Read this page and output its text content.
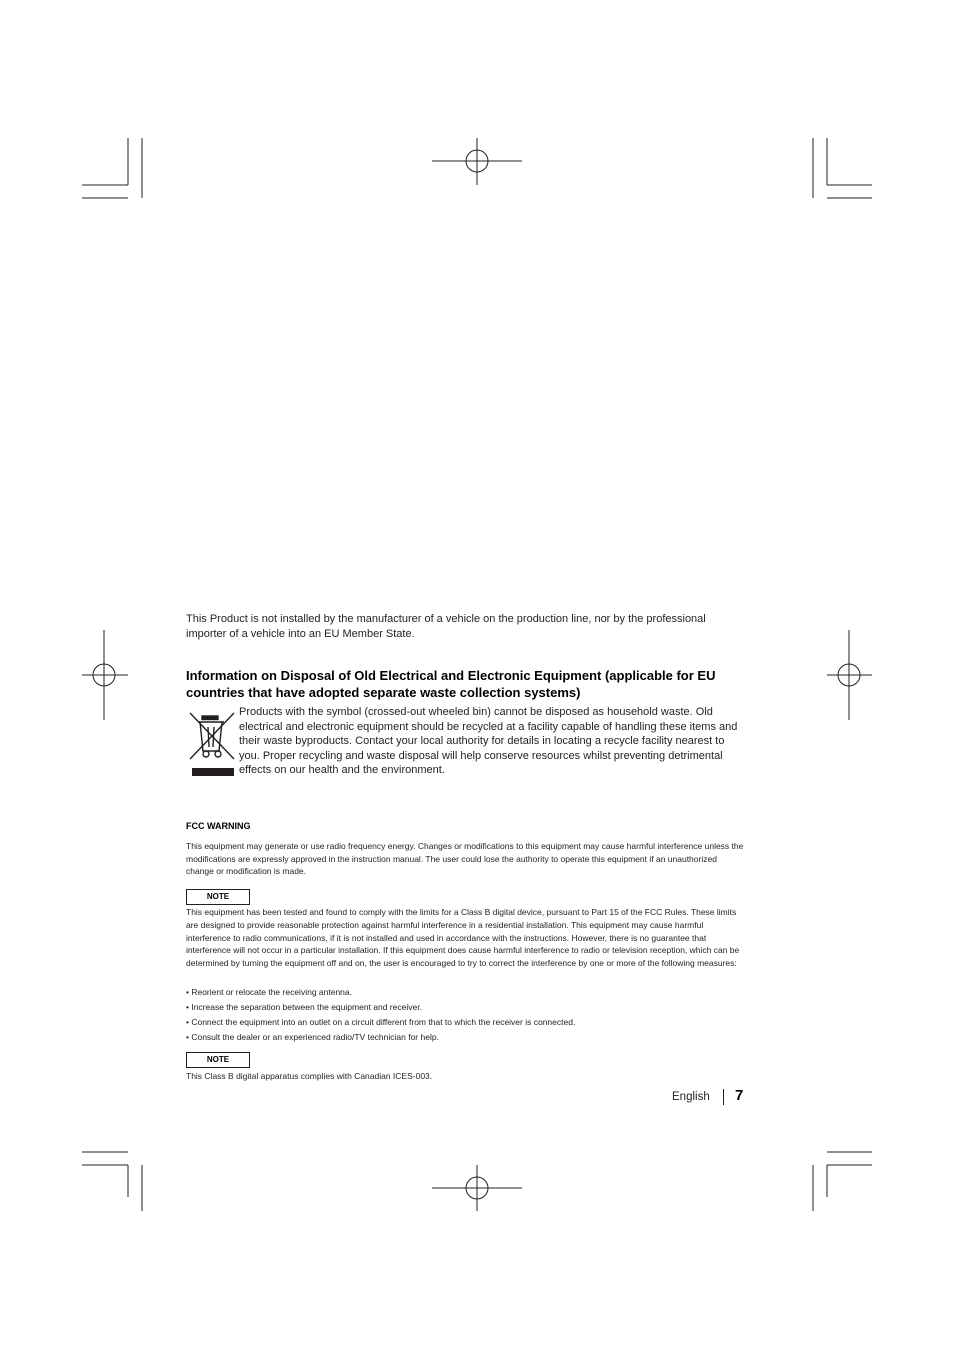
This Product is not installed by the manufacturer of a vehicle on the production line, nor by the professional importer of a vehicle into an EU Member State.

Information on Disposal of Old Electrical and Electronic Equipment (applicable for EU countries that have adopted separate waste collection systems)

Products with the symbol (crossed-out wheeled bin) cannot be disposed as household waste. Old electrical and electronic equipment should be recycled at a facility capable of handling these items and their waste byproducts. Contact your local authority for details in locating a recycle facility nearest to you. Proper recycling and waste disposal will help conserve resources whilst preventing detrimental effects on our health and the environment.

FCC WARNING

This equipment may generate or use radio frequency energy. Changes or modifications to this equipment may cause harmful interference unless the modifications are expressly approved in the instruction manual. The user could lose the authority to operate this equipment if an unauthorized change or modification is made.

NOTE

This equipment has been tested and found to comply with the limits for a Class B digital device, pursuant to Part 15 of the FCC Rules. These limits are designed to provide reasonable protection against harmful interference in a residential installation. This equipment may cause harmful interference to radio communications, if it is not installed and used in accordance with the instructions. However, there is no guarantee that interference will not occur in a particular installation. If this equipment does cause harmful interference to radio or television reception, which can be determined by turning the equipment off and on, the user is encouraged to try to correct the interference by one or more of the following measures:

• Reorient or relocate the receiving antenna.
• Increase the separation between the equipment and receiver.
• Connect the equipment into an outlet on a circuit different from that to which the receiver is connected.
• Consult the dealer or an experienced radio/TV technician for help.
NOTE

This Class B digital apparatus complies with Canadian ICES-003.

English 7
